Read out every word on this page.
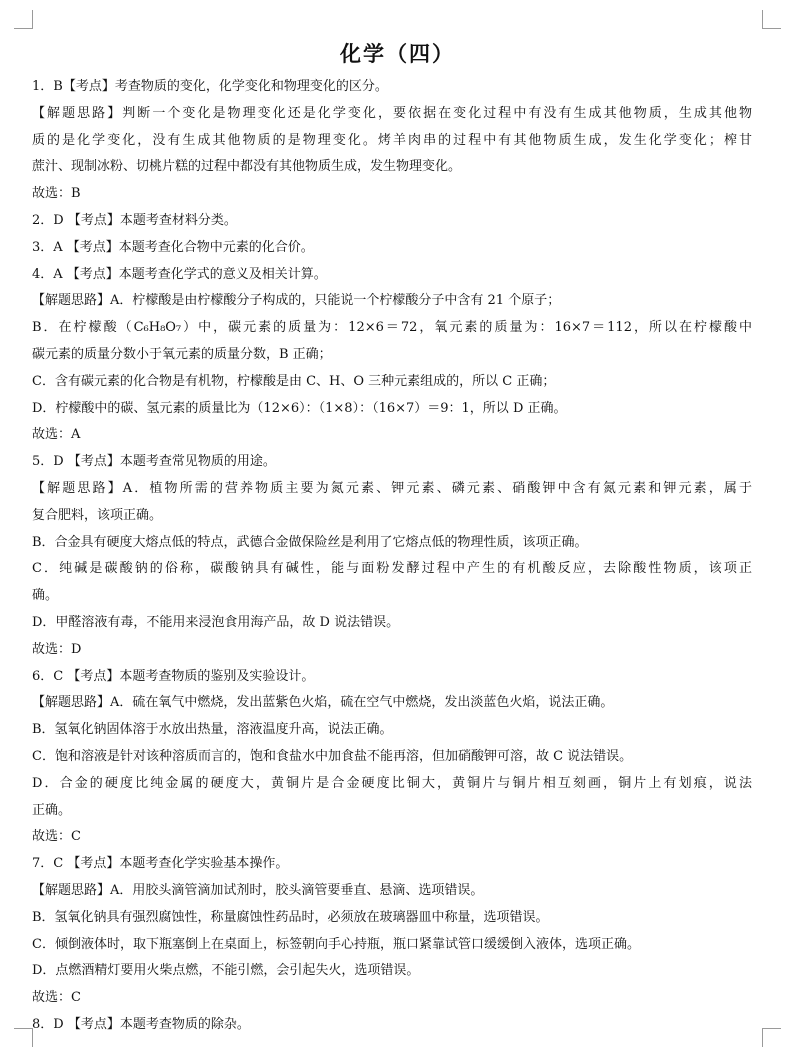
化学（四）
1．B【考点】考查物质的变化，化学变化和物理变化的区分。
【解题思路】判断一个变化是物理变化还是化学变化，要依据在变化过程中有没有生成其他物质，生成其他物
质的是化学变化，没有生成其他物质的是物理变化。烤羊肉串的过程中有其他物质生成，发生化学变化；榨甘
蔗汁、现制冰粉、切桃片糕的过程中都没有其他物质生成，发生物理变化。
故选：B
2．D 【考点】本题考查材料分类。
3．A 【考点】本题考查化合物中元素的化合价。
4．A 【考点】本题考查化学式的意义及相关计算。
【解题思路】A．柠檬酸是由柠檬酸分子构成的，只能说一个柠檬酸分子中含有 21 个原子；
B．在柠檬酸（C₆H₈O₇）中，碳元素的质量为：12×6＝72，氧元素的质量为：16×7＝112，所以在柠檬酸中
碳元素的质量分数小于氧元素的质量分数，B 正确；
C．含有碳元素的化合物是有机物，柠檬酸是由 C、H、O 三种元素组成的，所以 C 正确；
D．柠檬酸中的碳、氢元素的质量比为（12×6）：（1×8）：（16×7）＝9：1，所以 D 正确。
故选：A
5．D 【考点】本题考查常见物质的用途。
【解题思路】A．植物所需的营养物质主要为氮元素、钾元素、磷元素、硝酸钾中含有氮元素和钾元素，属于
复合肥料，该项正确。
B．合金具有硬度大熔点低的特点，武德合金做保险丝是利用了它熔点低的物理性质，该项正确。
C．纯碱是碳酸钠的俗称，碳酸钠具有碱性，能与面粉发酵过程中产生的有机酸反应，去除酸性物质，该项正
确。
D．甲醛溶液有毒，不能用来浸泡食用海产品，故 D 说法错误。
故选：D
6．C 【考点】本题考查物质的鉴别及实验设计。
【解题思路】A．硫在氧气中燃烧，发出蓝紫色火焰，硫在空气中燃烧，发出淡蓝色火焰，说法正确。
B．氢氧化钠固体溶于水放出热量，溶液温度升高，说法正确。
C．饱和溶液是针对该种溶质而言的，饱和食盐水中加食盐不能再溶，但加硝酸钾可溶，故 C 说法错误。
D．合金的硬度比纯金属的硬度大，黄铜片是合金硬度比铜大，黄铜片与铜片相互刻画，铜片上有划痕，说法
正确。
故选：C
7．C 【考点】本题考查化学实验基本操作。
【解题思路】A．用胶头滴管滴加试剂时，胶头滴管要垂直、悬滴、选项错误。
B．氢氧化钠具有强烈腐蚀性，称量腐蚀性药品时，必须放在玻璃器皿中称量，选项错误。
C．倾倒液体时，取下瓶塞倒上在桌面上，标签朝向手心持瓶，瓶口紧靠试管口缓缓倒入液体，选项正确。
D．点燃酒精灯要用火柴点燃，不能引燃，会引起失火，选项错误。
故选：C
8．D 【考点】本题考查物质的除杂。
